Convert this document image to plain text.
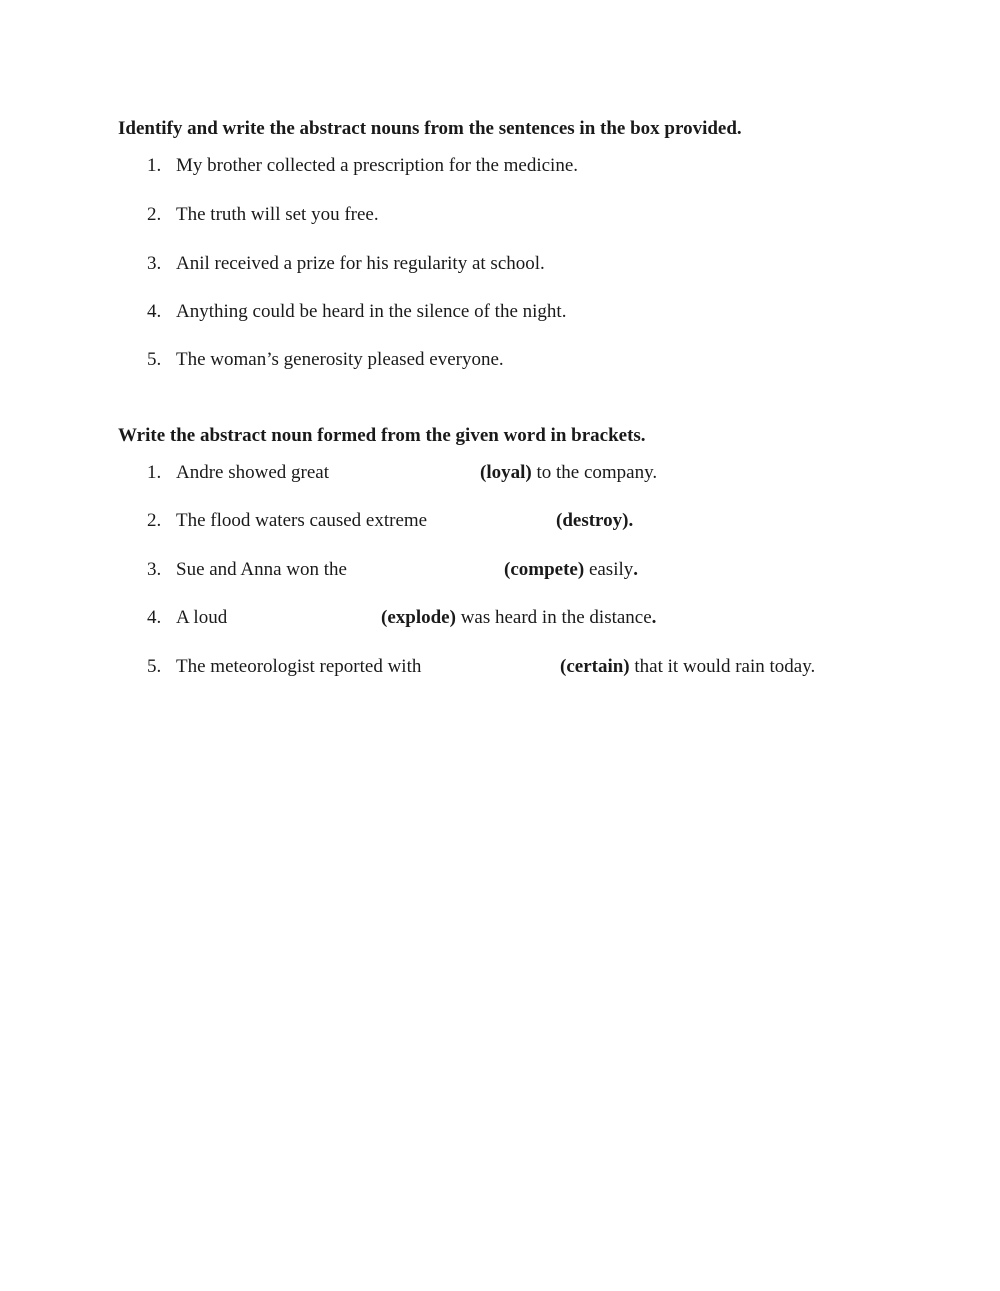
Identify and write the abstract nouns from the sentences in the box provided.
1. My brother collected a prescription for the medicine.
2. The truth will set you free.
3. Anil received a prize for his regularity at school.
4. Anything could be heard in the silence of the night.
5. The woman’s generosity pleased everyone.
Write the abstract noun formed from the given word in brackets.
1. Andre showed great	(loyal) to the company.
2. The flood waters caused extreme	(destroy).
3. Sue and Anna won the	(compete) easily.
4. A loud	(explode) was heard in the distance.
5. The meteorologist reported with	(certain) that it would rain today.
